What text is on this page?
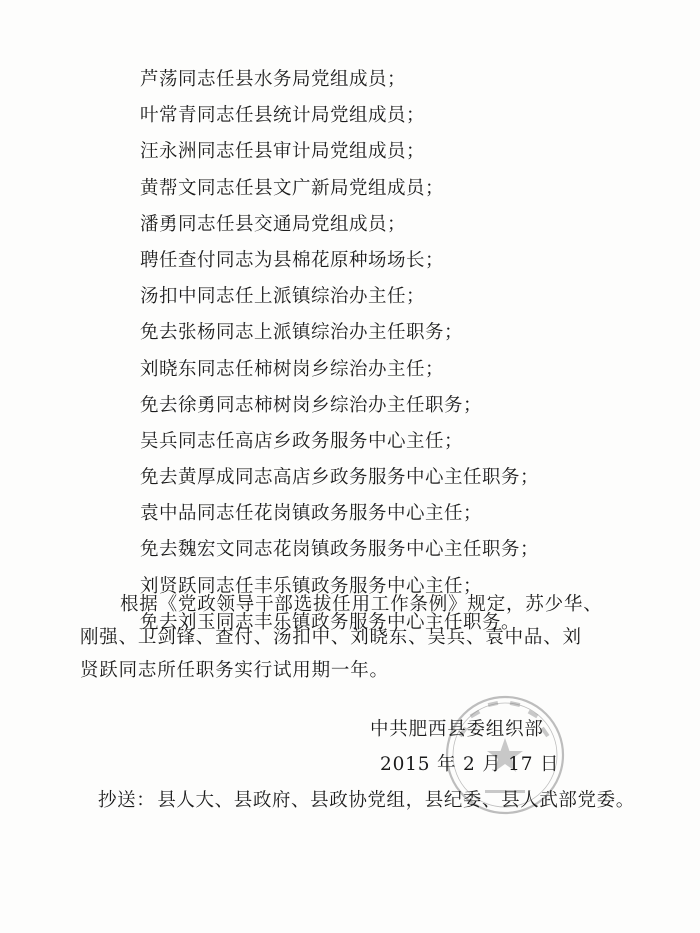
芦荡同志任县水务局党组成员；
叶常青同志任县统计局党组成员；
汪永洲同志任县审计局党组成员；
黄帮文同志任县文广新局党组成员；
潘勇同志任县交通局党组成员；
聘任查付同志为县棉花原种场场长；
汤扣中同志任上派镇综治办主任；
免去张杨同志上派镇综治办主任职务；
刘晓东同志任柿树岗乡综治办主任；
免去徐勇同志柿树岗乡综治办主任职务；
吴兵同志任高店乡政务服务中心主任；
免去黄厚成同志高店乡政务服务中心主任职务；
袁中品同志任花岗镇政务服务中心主任；
免去魏宏文同志花岗镇政务服务中心主任职务；
刘贤跃同志任丰乐镇政务服务中心主任；
免去刘玉同志丰乐镇政务服务中心主任职务。

根据《党政领导干部选拔任用工作条例》规定，苏少华、
刚强、卫剑锋、查付、汤扣中、刘晓东、吴兵、袁中品、刘
贤跃同志所任职务实行试用期一年。

中共肥西县委组织部
2015 年 2 月 17 日
抄送： 县人大、县政府、县政协党组，县纪委、县人武部党委。
